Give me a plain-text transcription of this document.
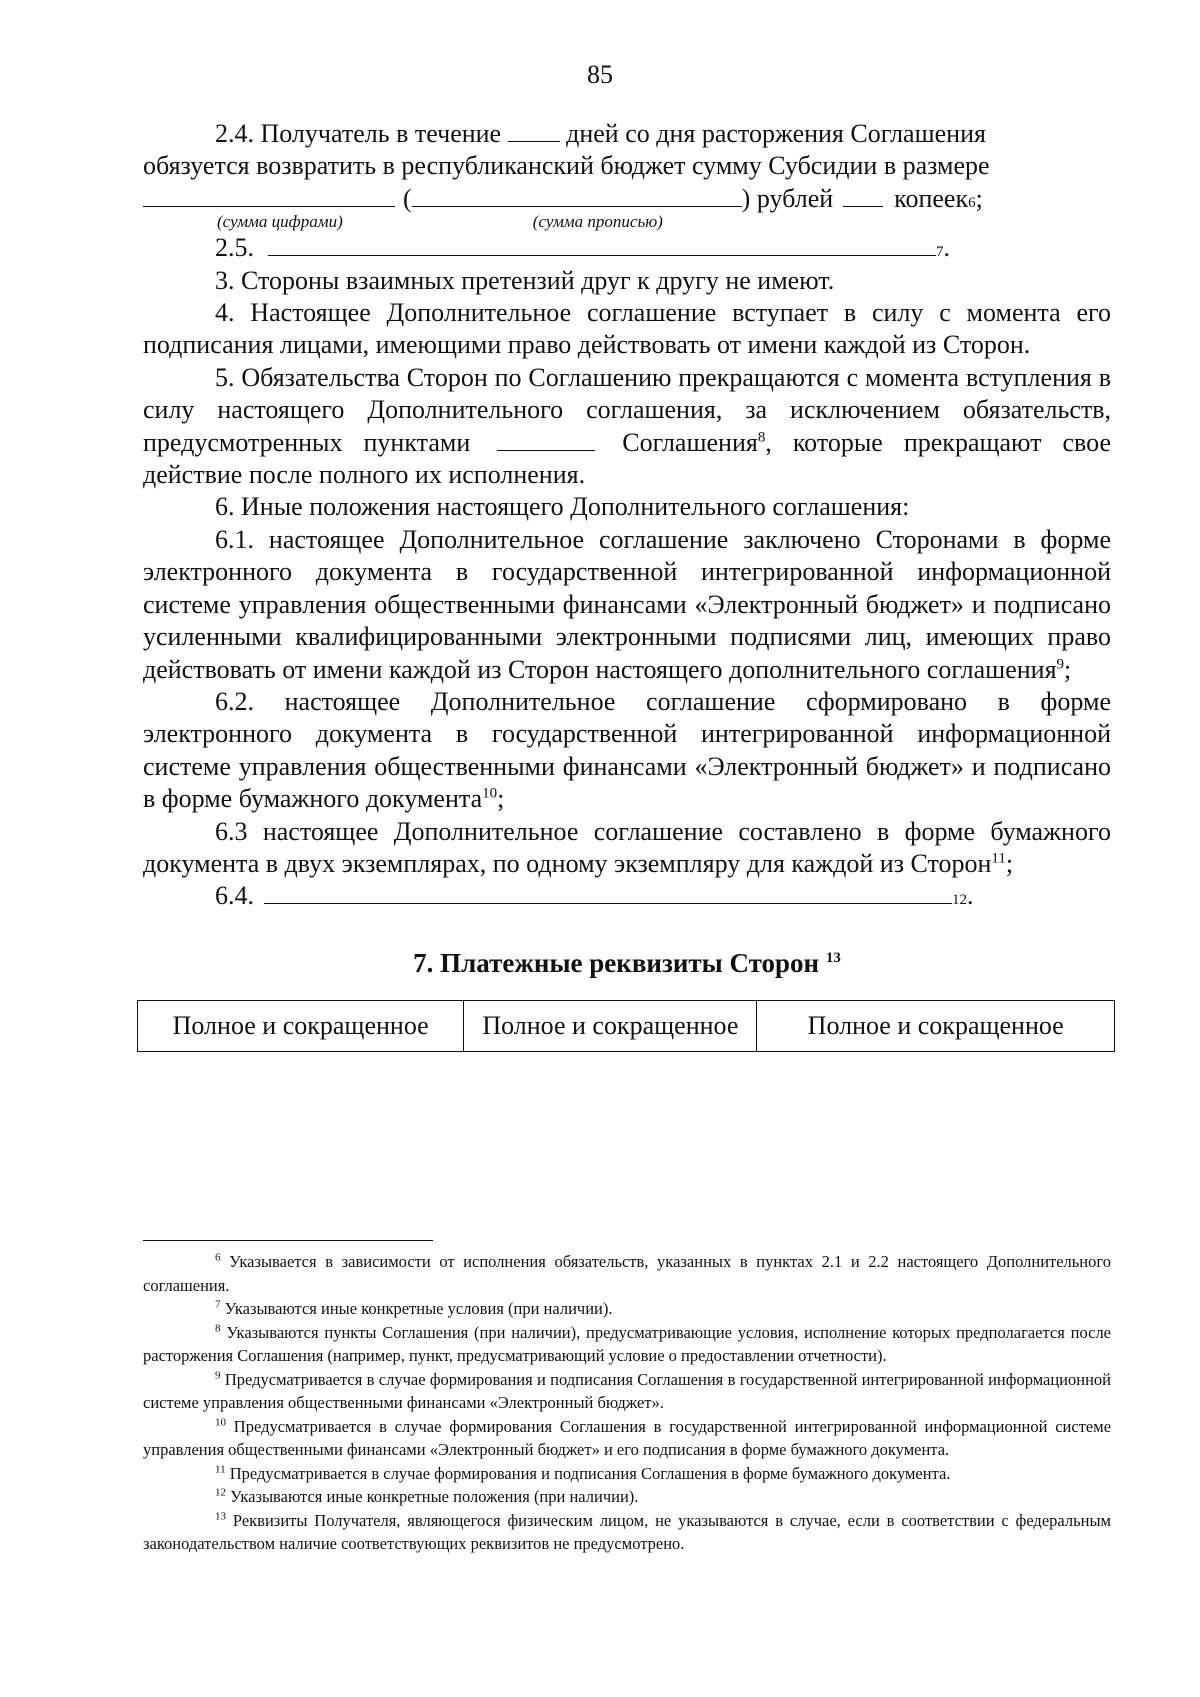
85

2.4. Получатель в течение	дней со дня расторжения Соглашения

обязуется возвратить в республиканский бюджет сумму Субсидии в размере

(	) рублей копеек 6 ;
(сумма цифрами)	(сумма прописью)
2.5.	7 .

3. Стороны взаимных претензий друг к другу не имеют.

4. Настоящее Дополнительное соглашение вступает в силу с момента его подписания лицами, имеющими право действовать от имени каждой из Сторон.

5. Обязательства Сторон по Соглашению прекращаются с момента вступления в силу настоящего Дополнительного соглашения, за исключением обязательств, предусмотренных пунктами	Соглашения$^8$, которые прекращают свое действие после полного их исполнения.

6. Иные положения настоящего Дополнительного соглашения:

6.1. настоящее Дополнительное соглашение заключено Сторонами в форме электронного документа в государственной интегрированной информационной системе управления общественными финансами «Электронный бюджет» и подписано усиленными квалифицированными электронными подписями лиц, имеющих право действовать от имени каждой из Сторон настоящего дополнительного соглашения$^9$;

6.2. настоящее Дополнительное соглашение сформировано в форме электронного документа в государственной интегрированной информационной системе управления общественными финансами «Электронный бюджет» и подписано в форме бумажного документа$^{10}$;

6.3 настоящее Дополнительное соглашение составлено в форме бумажного документа в двух экземплярах, по одному экземпляру для каждой из Сторон$^{11}$;

6.4.	12 .
7. Платежные реквизиты Сторон $^{13}$
Полное и сокращенное	Полное и сокращенное	Полное и сокращенное

$^6$ Указывается в зависимости от исполнения обязательств, указанных в пунктах 2.1 и 2.2 настоящего Дополнительного соглашения.

$^7$ Указываются иные конкретные условия (при наличии).

$^8$ Указываются пункты Соглашения (при наличии), предусматривающие условия, исполнение которых предполагается после расторжения Соглашения (например, пункт, предусматривающий условие о предоставлении отчетности).

$^9$ Предусматривается в случае формирования и подписания Соглашения в государственной интегрированной информационной системе управления общественными финансами «Электронный бюджет».

$^{10}$ Предусматривается в случае формирования Соглашения в государственной интегрированной информационной системе управления общественными финансами «Электронный бюджет» и его подписания в форме бумажного документа.

$^{11}$ Предусматривается в случае формирования и подписания Соглашения в форме бумажного документа.

$^{12}$ Указываются иные конкретные положения (при наличии).

$^{13}$ Реквизиты Получателя, являющегося физическим лицом, не указываются в случае, если в соответствии с федеральным законодательством наличие соответствующих реквизитов не предусмотрено.
